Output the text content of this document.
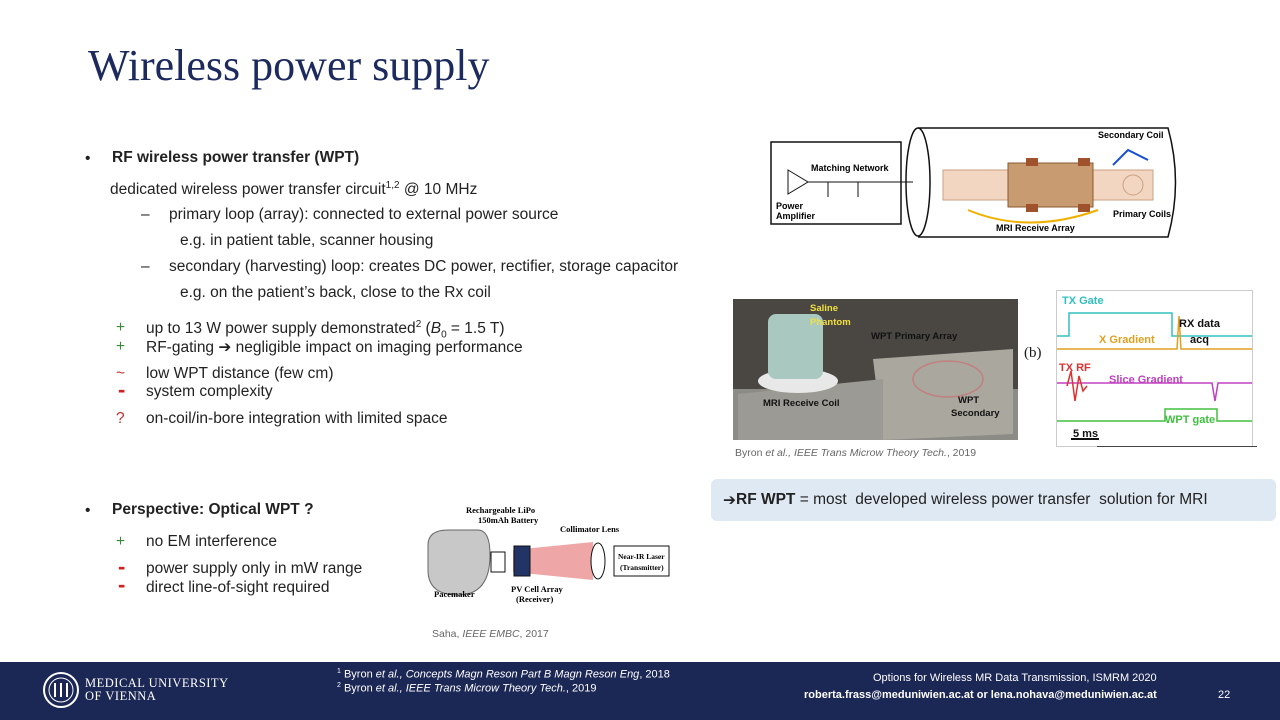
Wireless power supply
• RF wireless power transfer (WPT)
dedicated wireless power transfer circuit$^{1,2}$ @ 10 MHz
– primary loop (array): connected to external power source
e.g. in patient table, scanner housing
– secondary (harvesting) loop: creates DC power, rectifier, storage capacitor
e.g. on the patient’s back, close to the Rx coil
+ up to 13 W power supply demonstrated$^2$ ($B_0 = 1.5$ T)
+ RF-gating ➔ negligible impact on imaging performance
~ low WPT distance (few cm)
- system complexity
? on-coil/in-bore integration with limited space
• Perspective: Optical WPT ?
+ no EM interference
- power supply only in mW range
- direct line-of-sight required
Secondary Coil
Matching Network
Power
Amplifier	Primary Coils
MRI Receive Array
Saline
Phantom
WPT Primary Array
MRI Receive Coil	WPT
Secondary
Byron et al., IEEE Trans Microw Theory Tech., 2019
(b)
TX Gate
X Gradient
RX data
acq
TX RF
Slice Gradient
WPT gate
5 ms
➔ RF WPT = most  developed wireless power transfer  solution for MRI
Rechargeable LiPo
150mAh Battery
Collimator Lens
Near-IR Laser
(Transmitter)
Pacemaker	PV Cell Array
(Receiver)
Saha, IEEE EMBC, 2017
MEDICAL UNIVERSITY
OF VIENNA
$^1$ Byron et al., Concepts Magn Reson Part B Magn Reson Eng, 2018
$^2$ Byron et al., IEEE Trans Microw Theory Tech., 2019
Options for Wireless MR Data Transmission, ISMRM 2020
roberta.frass@meduniwien.ac.at or lena.nohava@meduniwien.ac.at	22
